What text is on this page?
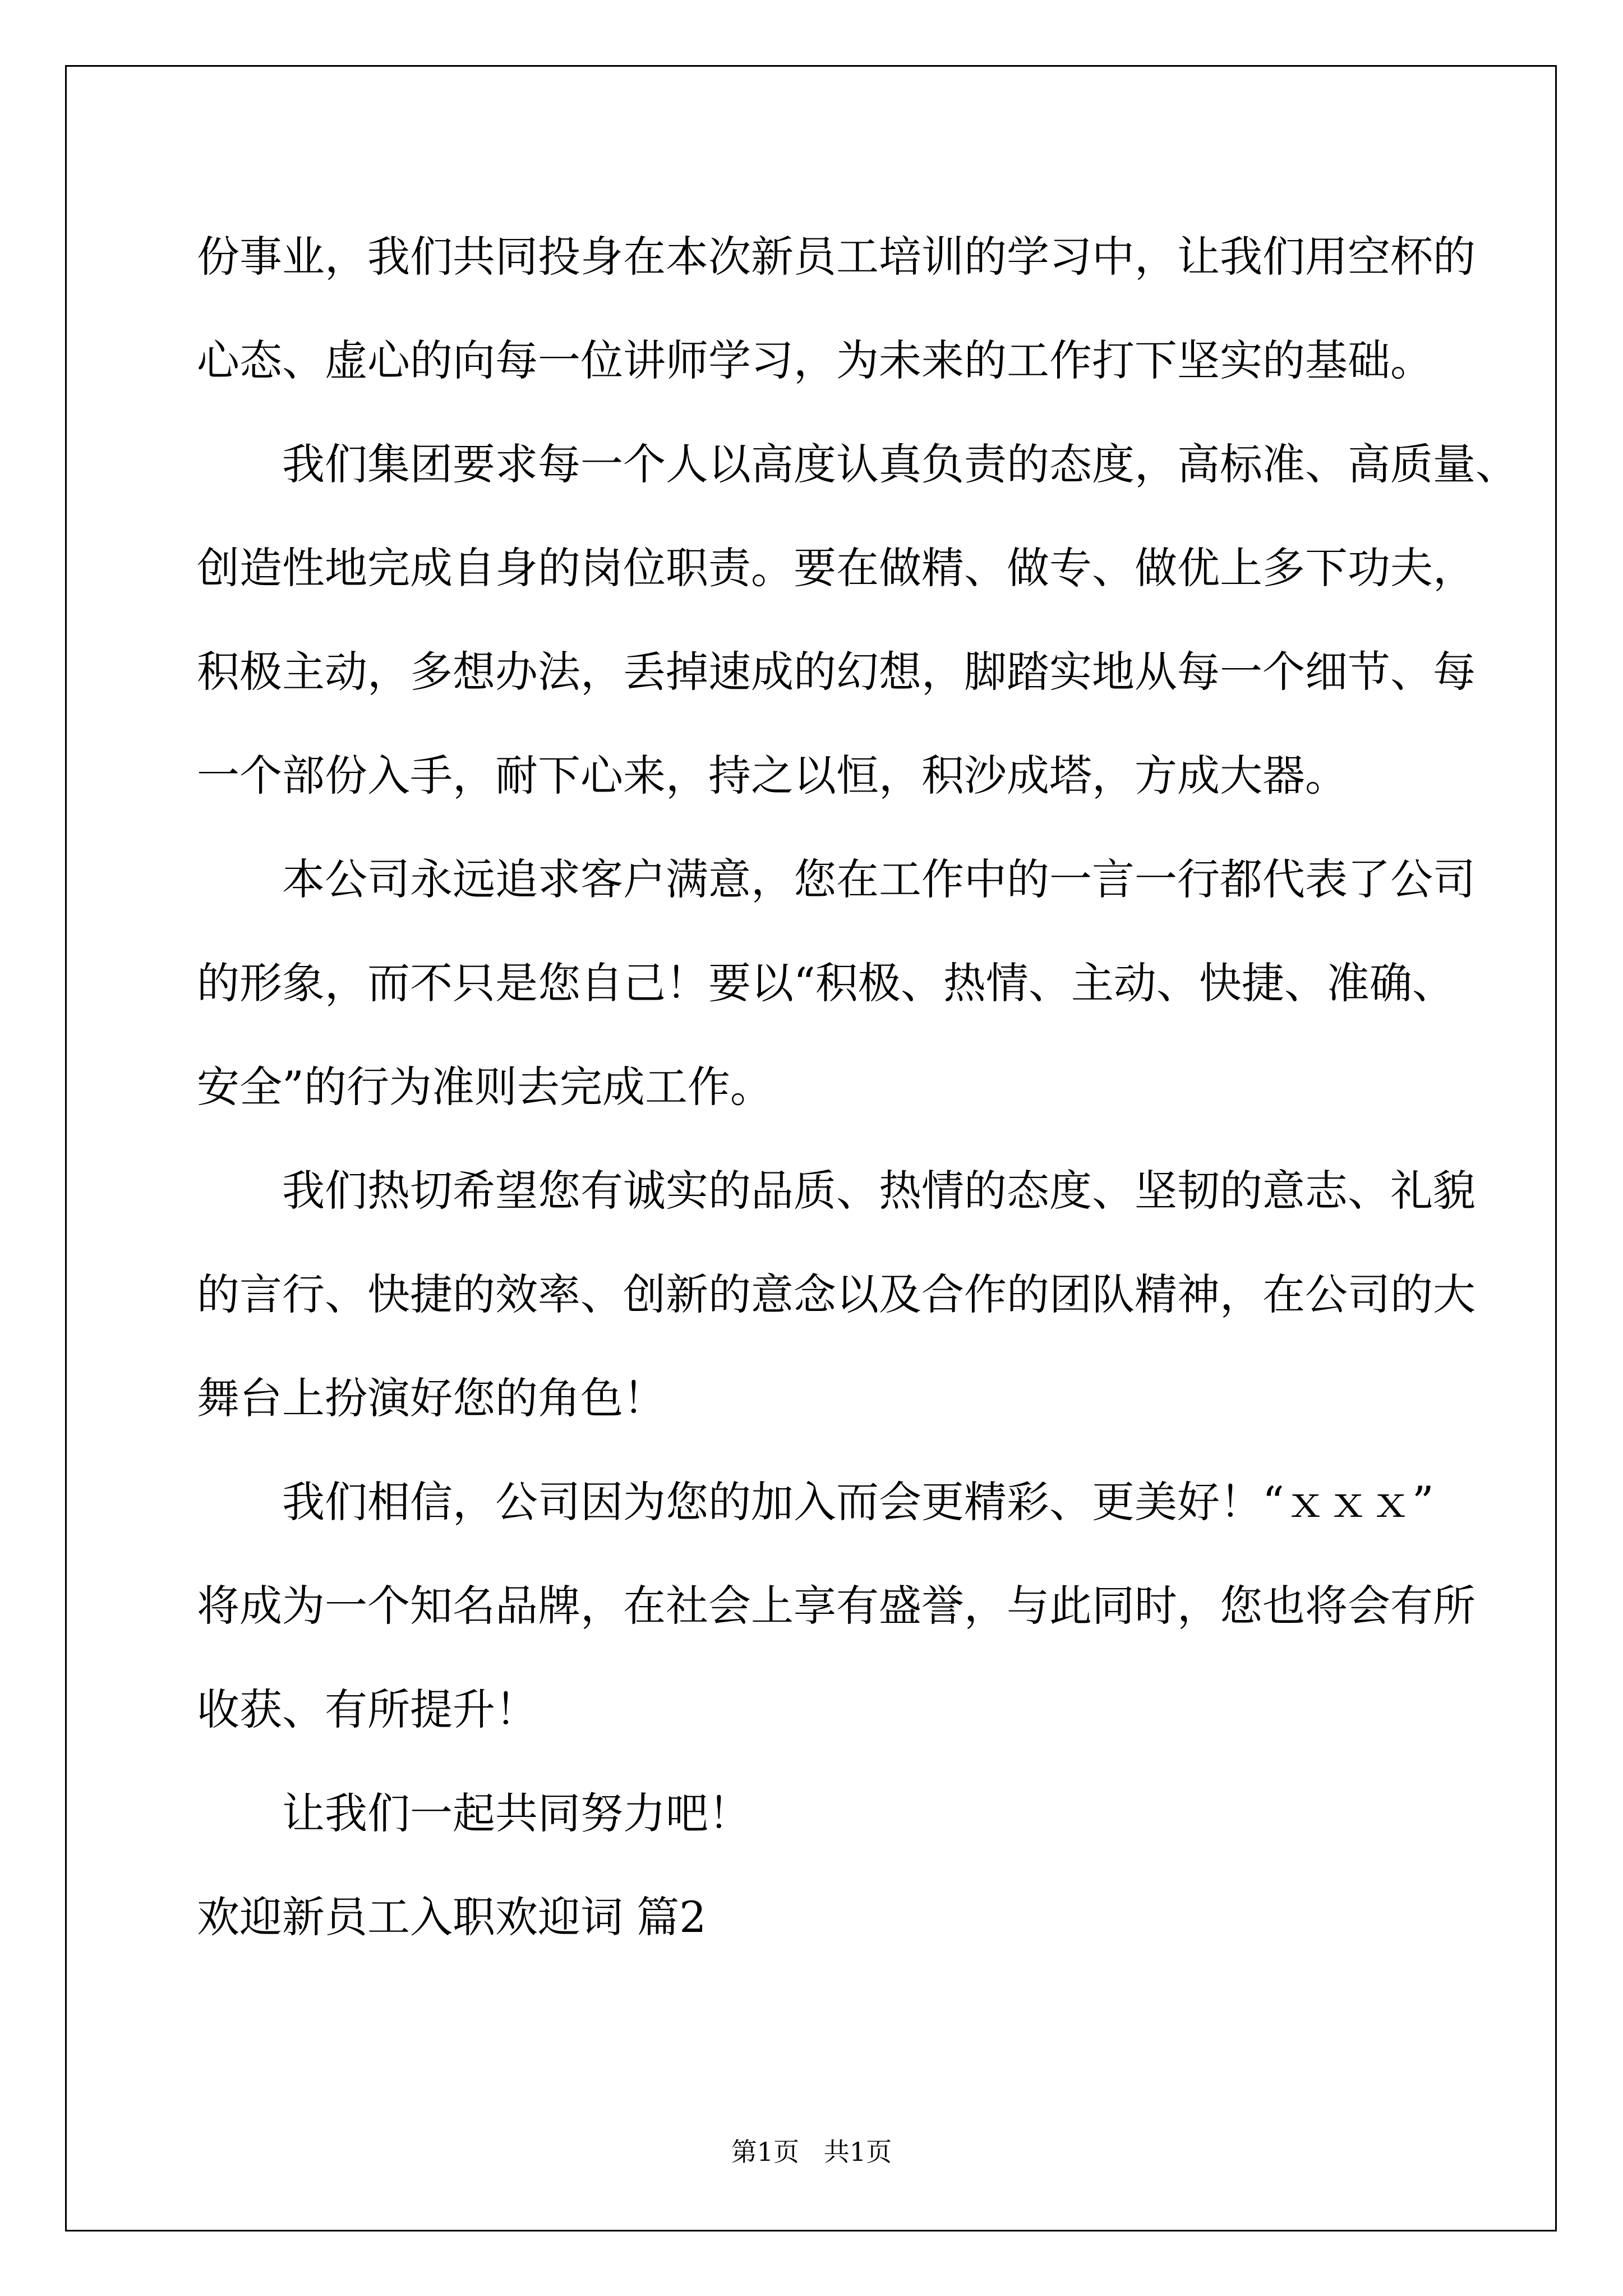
份事业，我们共同投身在本次新员工培训的学习中，让我们用空杯的
心态、虚心的向每一位讲师学习，为未来的工作打下坚实的基础。
我们集团要求每一个人以高度认真负责的态度，高标准、高质量、
创造性地完成自身的岗位职责。要在做精、做专、做优上多下功夫，
积极主动，多想办法，丢掉速成的幻想，脚踏实地从每一个细节、每
一个部份入手，耐下心来，持之以恒，积沙成塔，方成大器。
本公司永远追求客户满意，您在工作中的一言一行都代表了公司
的形象，而不只是您自己！要以“积极、热情、主动、快捷、准确、
安全”的行为准则去完成工作。
我们热切希望您有诚实的品质、热情的态度、坚韧的意志、礼貌
的言行、快捷的效率、创新的意念以及合作的团队精神，在公司的大
舞台上扮演好您的角色！
我们相信，公司因为您的加入而会更精彩、更美好！“ｘｘｘ”
将成为一个知名品牌，在社会上享有盛誉，与此同时，您也将会有所
收获、有所提升！
让我们一起共同努力吧！
欢迎新员工入职欢迎词 篇2
第1页   共1页
